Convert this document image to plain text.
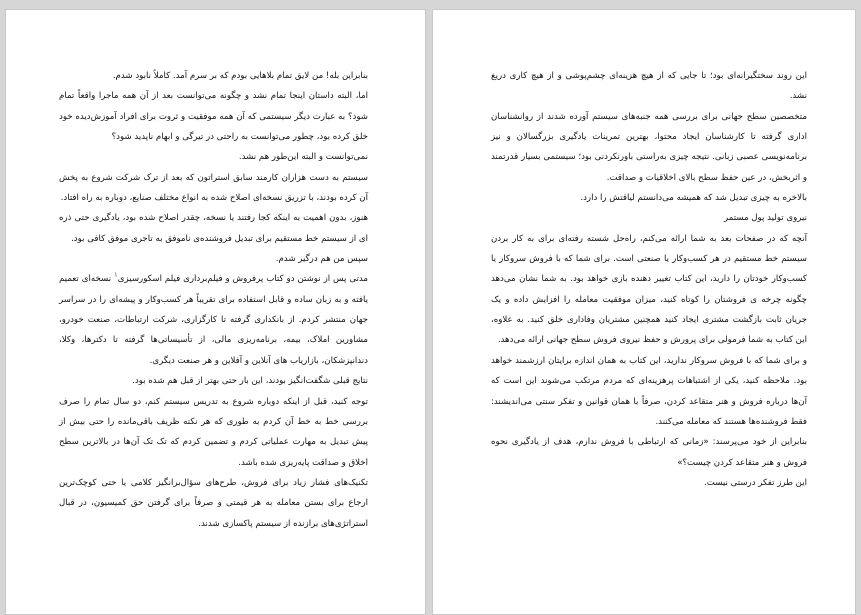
بنابراین بله! من لایق تمام بلاهایی بودم که بر سرم آمد. کاملاً نابود شدم.

اما، البته داستان اینجا تمام نشد و چگونه می‌توانست بعد از آن همه ماجرا واقعاً تمام شود؟ به عبارت دیگر سیستمی که آن همه موفقیت و ثروت برای افراد آموزش‌دیده خود خلق کرده بود، چطور می‌توانست به راحتی در تیرگی و ابهام ناپدید شود؟

نمی‌توانست و البته این‌طور هم نشد.

سیستم به دست هزاران کارمند سابق استراتون که بعد از ترک شرکت شروع به پخش آن کرده بودند، با تزریق نسخه‌ای اصلاح شده به انواع مختلف صنایع، دوباره به راه افتاد.

هنوز، بدون اهمیت به اینکه کجا رفتند یا نسخه، چقدر اصلاح شده بود، یادگیری حتی ذره ای از سیستم خط مستقیم برای تبدیل فروشنده‌ی ناموفق به تاجری موفق کافی بود.

سپس من هم درگیر شدم.

مدتی پس از نوشتن دو کتاب پرفروش و فیلم‌برداری فیلم اسکورسیزی$^۱$ نسخه‌ای تعمیم یافته و به زبان ساده و قابل استفاده برای تقریباً هر کسب‌وکار و پیشه‌ای را در سراسر جهان منتشر کردم. از بانکداری گرفته تا کارگزاری، شرکت ارتباطات، صنعت خودرو، مشاورین املاک، بیمه، برنامه‌ریزی مالی، از تأسیساتی‌ها گرفته تا دکترها، وکلا، دندانپزشکان، بازاریاب های آنلاین و آفلاین و هر صنعت دیگری.

نتایج قبلی شگفت‌انگیز بودند، این بار حتی بهتر از قبل هم شده بود.

توجه کنید، قبل از اینکه دوباره شروع به تدریس سیستم کنم، دو سال تمام را صرف بررسی خط به خط آن کردم به طوری که هر نکته ظریف باقی‌مانده را حتی بیش از پیش تبدیل به مهارت عملیاتی کردم و تضمین کردم که تک تک آن‌ها در بالاترین سطح اخلاق و صداقت پایه‌ریزی شده باشد.

تکنیک‌های فشار زیاد برای فروش، طرح‌های سؤال‌برانگیز کلامی یا حتی کوچک‌ترین ارجاع برای بستن معامله به هر قیمتی و صرفاً برای گرفتن حق کمیسیون، در قبال استراتژی‌های برازنده از سیستم پاکسازی شدند.

این روند سختگیرانه‌ای بود؛ تا جایی که از هیچ هزینه‌ای چشم‌پوشی و از هیچ کاری دریغ نشد.

متخصصین سطح جهانی برای بررسی همه جنبه‌های سیستم آورده شدند از روانشناسان اداری گرفته تا کارشناسان ایجاد محتوا، بهترین تمرینات یادگیری بزرگسالان و نیز برنامه‌نویسی عصبی زبانی. نتیجه چیزی به‌راستی باورنکردنی بود؛ سیستمی بسیار قدرتمند و اثربخش، در عین حفظ سطح بالای اخلاقیات و صداقت.

بالاخره به چیزی تبدیل شد که همیشه می‌دانستم لیاقتش را دارد.

نیروی تولید پول مستمر

آنچه که در صفحات بعد به شما ارائه می‌کنم، راه‌حل شسته رفته‌ای برای به کار بردن سیستم خط مستقیم در هر کسب‌وکار یا صنعتی است. برای شما که با فروش سروکار یا کسب‌وکار خودتان را دارید، این کتاب تغییر دهنده بازی خواهد بود. به شما نشان می‌دهد چگونه چرخه ی فروشتان را کوتاه کنید، میزان موفقیت معامله را افزایش داده و یک جریان ثابت بازگشت مشتری ایجاد کنید همچنین مشتریان وفاداری خلق کنید. به علاوه، این کتاب به شما فرمولی برای پرورش و حفظ نیروی فروش سطح جهانی ارائه می‌دهد.

و برای شما که با فروش سروکار ندارید، این کتاب به همان اندازه برایتان ارزشمند خواهد بود. ملاحظه کنید، یکی از اشتباهات پرهزینه‌ای که مردم مرتکب می‌شوند این است که آن‌ها درباره فروش و هنر متقاعد کردن، صرفاً با همان قوانین و تفکر سنتی می‌اندیشند: فقط فروشنده‌ها هستند که معامله می‌کنند.

بنابراین از خود می‌پرسند: «زمانی که ارتباطی با فروش ندارم، هدف از یادگیری نحوه فروش و هنر متقاعد کردن چیست؟»

این طرز تفکر درستی نیست.
